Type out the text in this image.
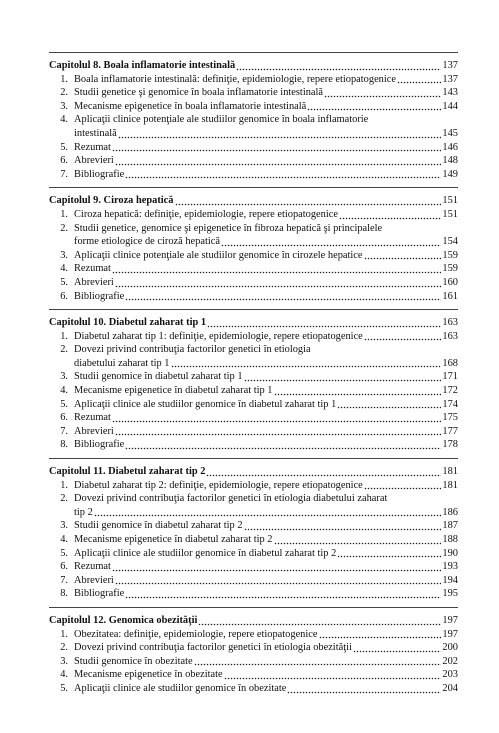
Capitolul 8. Boala inflamatorie intestinală	137
1. Boala inflamatorie intestinală: definiţie, epidemiologie, repere etiopatogenice	137
2. Studii genetice şi genomice în boala inflamatorie intestinală	143
3. Mecanisme epigenetice în boala inflamatorie intestinală	144
4. Aplicaţii clinice potenţiale ale studiilor genomice în boala inflamatorie
intestinală	145
5. Rezumat	146
6. Abrevieri	148
7. Bibliografie	149
Capitolul 9. Ciroza hepatică	151
1. Ciroza hepatică: definiţie, epidemiologie, repere etiopatogenice	151
2. Studii genetice, genomice şi epigenetice în fibroza hepatică şi principalele
forme etiologice de ciroză hepatică	154
3. Aplicaţii clinice potenţiale ale studiilor genomice în cirozele hepatice	159
4. Rezumat	159
5. Abrevieri	160
6. Bibliografie	161
Capitolul 10. Diabetul zaharat tip 1	163
1. Diabetul zaharat tip 1: definiţie, epidemiologie, repere etiopatogenice	163
2. Dovezi privind contribuţia factorilor genetici în etiologia
diabetului zaharat tip 1	168
3. Studii genomice în diabetul zaharat tip 1	171
4. Mecanisme epigenetice în diabetul zaharat tip 1	172
5. Aplicaţii clinice ale studiilor genomice în diabetul zaharat tip 1	174
6. Rezumat	175
7. Abrevieri	177
8. Bibliografie	178
Capitolul 11. Diabetul zaharat tip 2	181
1. Diabetul zaharat tip 2: definiţie, epidemiologie, repere etiopatogenice	181
2. Dovezi privind contribuţia factorilor genetici în etiologia diabetului zaharat
tip 2	186
3. Studii genomice în diabetul zaharat tip 2	187
4. Mecanisme epigenetice în diabetul zaharat tip 2	188
5. Aplicaţii clinice ale studiilor genomice în diabetul zaharat tip 2	190
6. Rezumat	193
7. Abrevieri	194
8. Bibliografie	195
Capitolul 12. Genomica obezităţii	197
1. Obezitatea: definiţie, epidemiologie, repere etiopatogenice	197
2. Dovezi privind contribuţia factorilor genetici în etiologia obezităţii	200
3. Studii genomice în obezitate	202
4. Mecanisme epigenetice în obezitate	203
5. Aplicaţii clinice ale studiilor genomice în obezitate	204
